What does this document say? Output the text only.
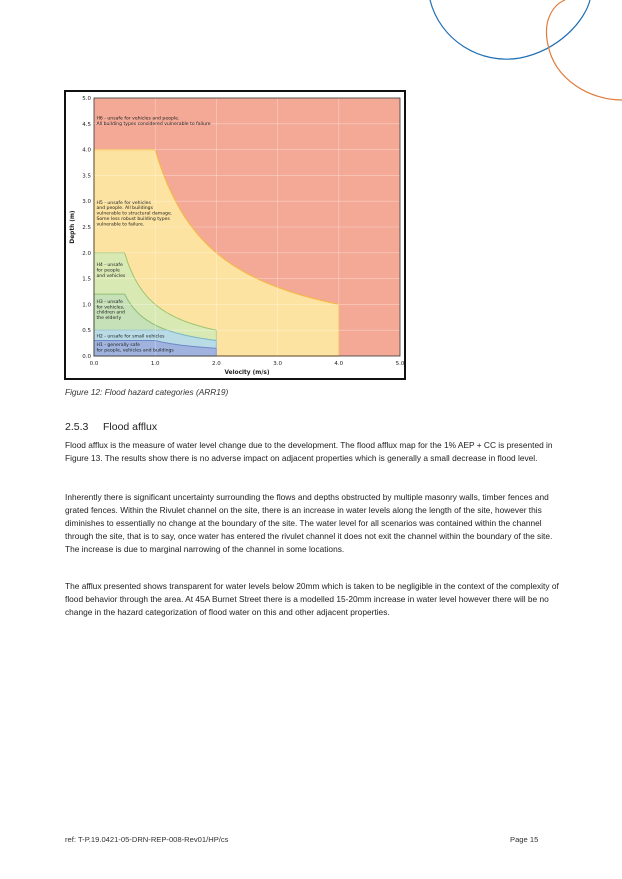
0.0	1.0	2.0	3.0	4.0	5.0
0.0
0.5
1.0
1.5
2.0
2.5
3.0
3.5
4.0
4.5
5.0
Velocity (m/s)
Depth (m)
H6 - unsafe for vehicles and people. All building types considered vulnerable to failure
H5 - unsafe for vehicles and people. All buildings vulnerable to structural damage. Some less robust building types vulnerable to failure.
H4 - unsafe for people and vehicles
H3 - unsafe for vehicles, children and the elderly
H2 - unsafe for small vehicles
H1 - generally safe for people, vehicles and buildings
Figure 12: Flood hazard categories (ARR19)
2.5.3 Flood afflux

Flood afflux is the measure of water level change due to the development. The flood afflux map for the 1% AEP + CC is presented in Figure 13. The results show there is no adverse impact on adjacent properties which is generally a small decrease in flood level.

Inherently there is significant uncertainty surrounding the flows and depths obstructed by multiple masonry walls, timber fences and grated fences. Within the Rivulet channel on the site, there is an increase in water levels along the length of the site, however this diminishes to essentially no change at the boundary of the site. The water level for all scenarios was contained within the channel through the site, that is to say, once water has entered the rivulet channel it does not exit the channel within the boundary of the site. The increase is due to marginal narrowing of the channel in some locations.

The afflux presented shows transparent for water levels below 20mm which is taken to be negligible in the context of the complexity of flood behavior through the area. At 45A Burnet Street there is a modelled 15-20mm increase in water level however there will be no change in the hazard categorization of flood water on this and other adjacent properties.

ref: T-P.19.0421-05-DRN-REP-008-Rev01/HP/cs	Page 15
